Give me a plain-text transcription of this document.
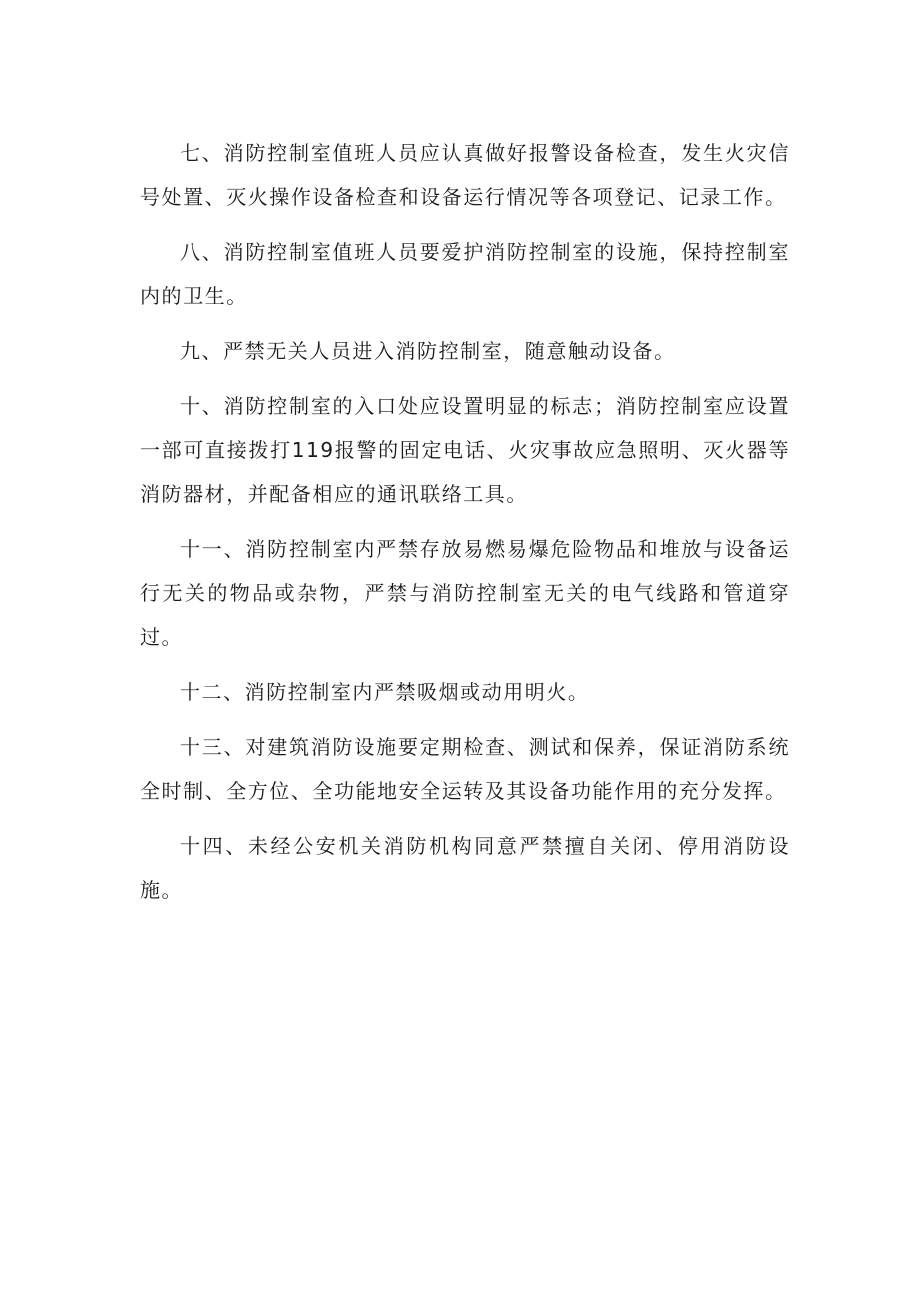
七、消防控制室值班人员应认真做好报警设备检查，发生火灾信号处置、灭火操作设备检查和设备运行情况等各项登记、记录工作。

八、消防控制室值班人员要爱护消防控制室的设施，保持控制室内的卫生。

九、严禁无关人员进入消防控制室，随意触动设备。

十、消防控制室的入口处应设置明显的标志；消防控制室应设置一部可直接拨打119报警的固定电话、火灾事故应急照明、灭火器等消防器材，并配备相应的通讯联络工具。

十一、消防控制室内严禁存放易燃易爆危险物品和堆放与设备运行无关的物品或杂物，严禁与消防控制室无关的电气线路和管道穿过。

十二、消防控制室内严禁吸烟或动用明火。

十三、对建筑消防设施要定期检查、测试和保养，保证消防系统全时制、全方位、全功能地安全运转及其设备功能作用的充分发挥。

十四、未经公安机关消防机构同意严禁擅自关闭、停用消防设施。
